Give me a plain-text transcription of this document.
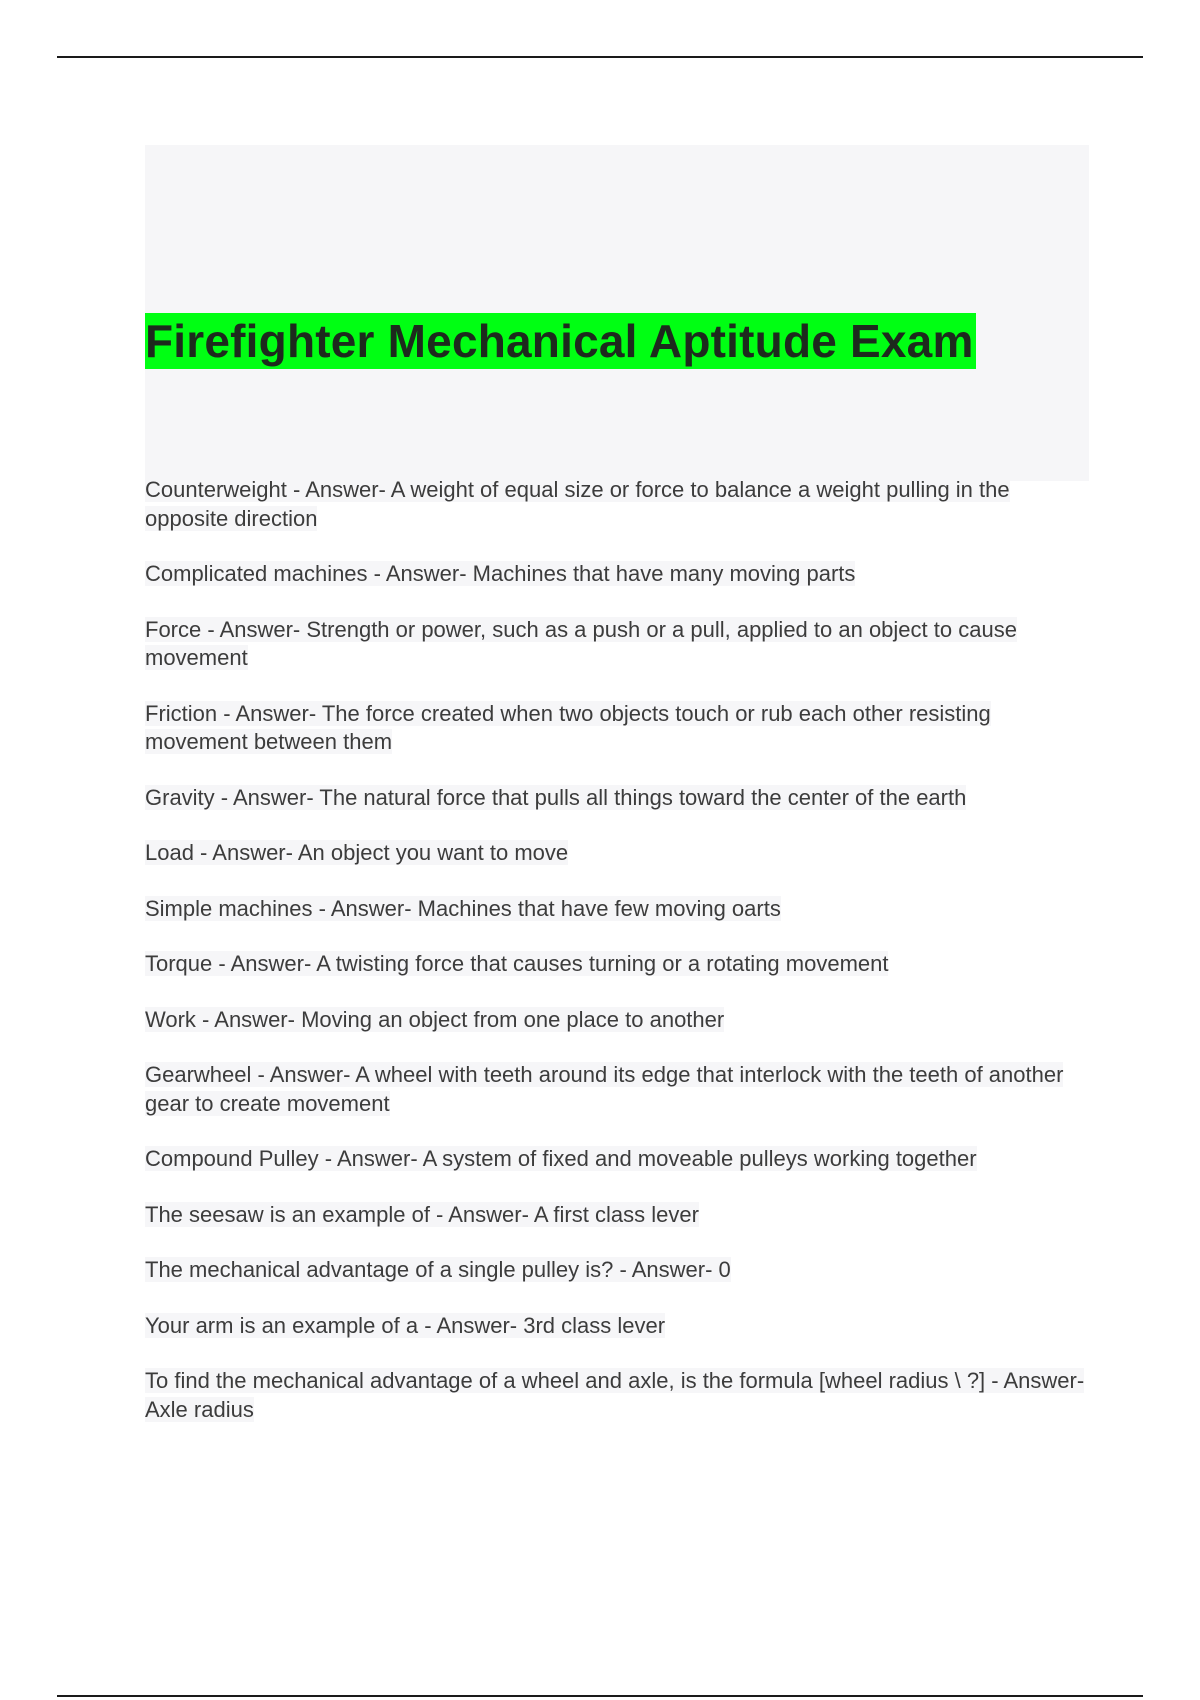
Firefighter Mechanical Aptitude Exam
Counterweight - Answer- A weight of equal size or force to balance a weight pulling in the opposite direction
Complicated machines - Answer- Machines that have many moving parts
Force - Answer- Strength or power, such as a push or a pull, applied to an object to cause movement
Friction - Answer- The force created when two objects touch or rub each other resisting movement between them
Gravity - Answer- The natural force that pulls all things toward the center of the earth
Load - Answer- An object you want to move
Simple machines - Answer- Machines that have few moving oarts
Torque - Answer- A twisting force that causes turning or a rotating movement
Work - Answer- Moving an object from one place to another
Gearwheel - Answer- A wheel with teeth around its edge that interlock with the teeth of another gear to create movement
Compound Pulley - Answer- A system of fixed and moveable pulleys working together
The seesaw is an example of - Answer- A first class lever
The mechanical advantage of a single pulley is? - Answer- 0
Your arm is an example of a - Answer- 3rd class lever
To find the mechanical advantage of a wheel and axle, is the formula [wheel radius \ ?] - Answer- Axle radius
